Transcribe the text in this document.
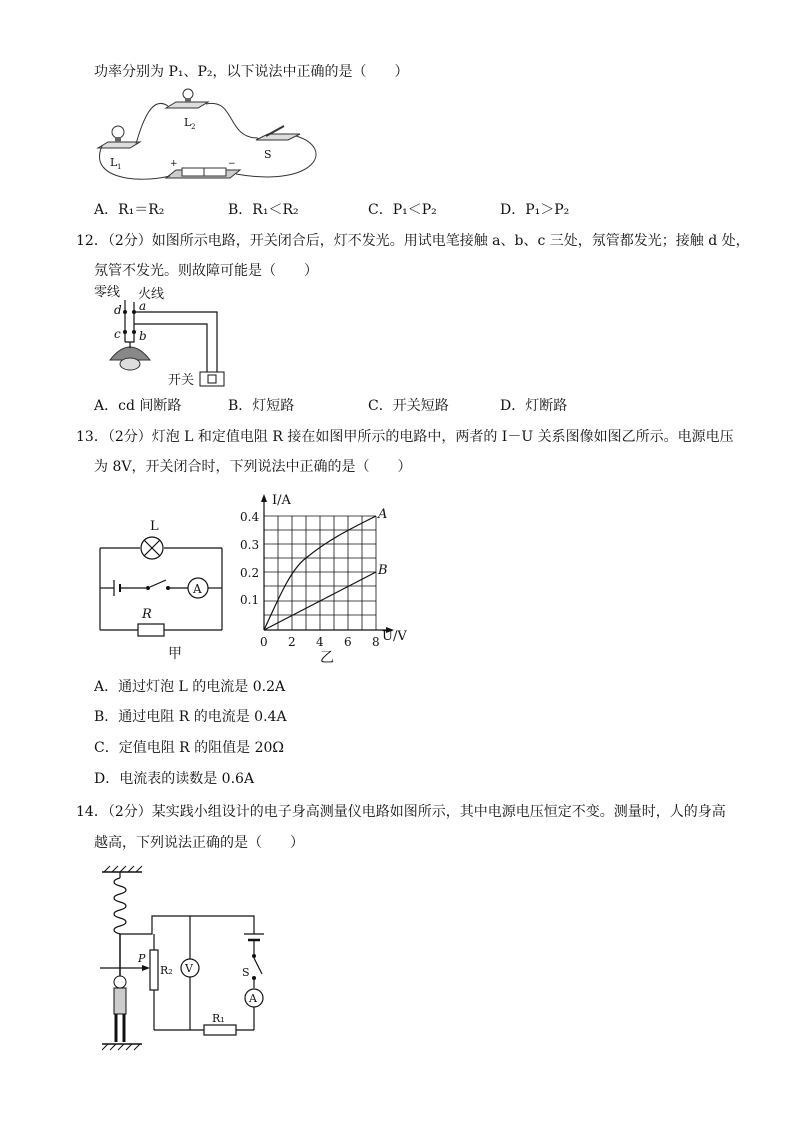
功率分别为 P₁、P₂，以下说法中正确的是（　　）
L 2
L 1
S
+	−
A．R₁＝R₂	B．R₁＜R₂	C．P₁＜P₂	D．P₁＞P₂
12．（2分）如图所示电路，开关闭合后，灯不发光。用试电笔接触 a、b、c 三处，氖管都发光；接触 d 处，
氖管不发光。则故障可能是（　　）
零线 火线
开关
a
d
b
c
A．cd 间断路	B．灯短路	C．开关短路	D．灯断路
13．（2分）灯泡 L 和定值电阻 R 接在如图甲所示的电路中，两者的 I－U 关系图像如图乙所示。电源电压
为 8V，开关闭合时，下列说法中正确的是（　　）
L
A
R
甲
I/A
U/V
0.1
0.2
0.3
0.4
0 2 4 6 8
A
B
乙
A．通过灯泡 L 的电流是 0.2A
B．通过电阻 R 的电流是 0.4A
C．定值电阻 R 的阻值是 20Ω
D．电流表的读数是 0.6A
14．（2分）某实践小组设计的电子身高测量仪电路如图所示，其中电源电压恒定不变。测量时，人的身高
越高，下列说法正确的是（　　）
S
A
R₁
R₂
P
V
